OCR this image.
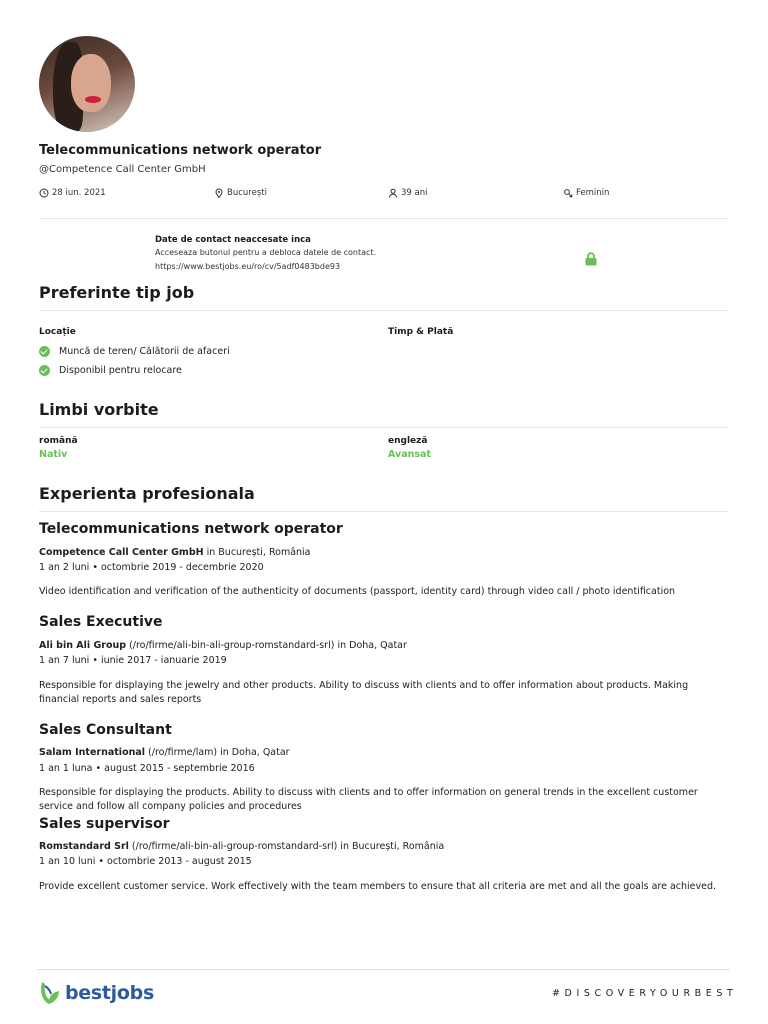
Telecommunications network operator
@Competence Call Center GmbH
28 iun. 2021	București	39 ani	Feminin
Date de contact neaccesate inca
Acceseaza butonul pentru a debloca datele de contact.
https://www.bestjobs.eu/ro/cv/5adf0483bde93
Preferinte tip job
Locație	Timp & Plată
Muncă de teren/ Călătorii de afaceri
Disponibil pentru relocare
Limbi vorbite
română
Nativ
engleză
Avansat
Experienta profesionala
Telecommunications network operator
Competence Call Center GmbH in București, România
1 an 2 luni • octombrie 2019 - decembrie 2020
Video identification and verification of the authenticity of documents (passport, identity card) through video call / photo identification
Sales Executive
Ali bin Ali Group (/ro/firme/ali-bin-ali-group-romstandard-srl) in Doha, Qatar
1 an 7 luni • iunie 2017 - ianuarie 2019
Responsible for displaying the jewelry and other products. Ability to discuss with clients and to offer information about products. Making financial reports and sales reports
Sales Consultant
Salam International (/ro/firme/lam) in Doha, Qatar
1 an 1 luna • august 2015 - septembrie 2016
Responsible for displaying the products. Ability to discuss with clients and to offer information on general trends in the excellent customer service and follow all company policies and procedures
Sales supervisor
Romstandard Srl (/ro/firme/ali-bin-ali-group-romstandard-srl) in București, România
1 an 10 luni • octombrie 2013 - august 2015
Provide excellent customer service. Work effectively with the team members to ensure that all criteria are met and all the goals are achieved.
bestjobs	#DISCOVERYOURBEST
